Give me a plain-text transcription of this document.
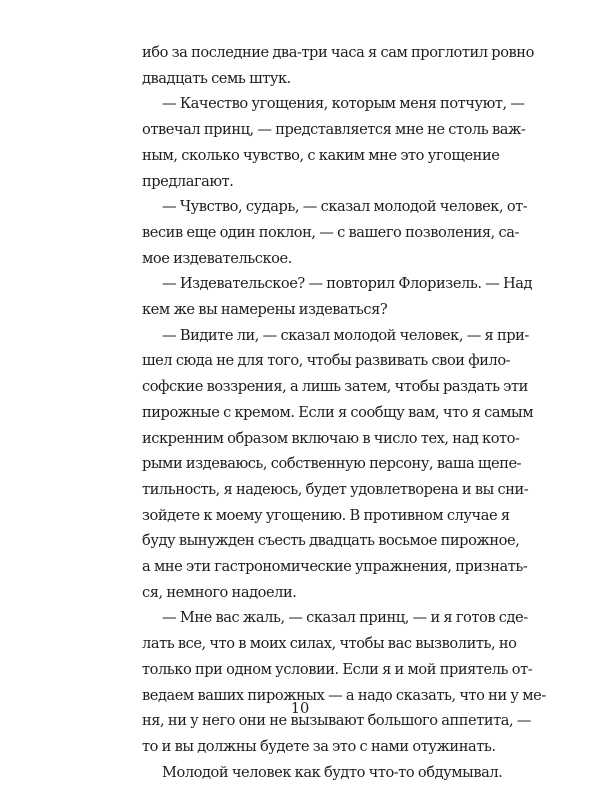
ибо за последние два-три часа я сам проглотил ровно
двадцать семь штук.
— Качество угощения, которым меня потчуют, —
отвечал принц, — представляется мне не столь важ-
ным, сколько чувство, с каким мне это угощение
предлагают.
— Чувство, сударь, — сказал молодой человек, от-
весив еще один поклон, — с вашего позволения, са-
мое издевательское.
— Издевательское? — повторил Флоризель. — Над
кем же вы намерены издеваться?
— Видите ли, — сказал молодой человек, — я при-
шел сюда не для того, чтобы развивать свои фило-
софские воззрения, а лишь затем, чтобы раздать эти
пирожные с кремом. Если я сообщу вам, что я самым
искренним образом включаю в число тех, над кото-
рыми издеваюсь, собственную персону, ваша щепе-
тильность, я надеюсь, будет удовлетворена и вы сни-
зойдете к моему угощению. В противном случае я
буду вынужден съесть двадцать восьмое пирожное,
а мне эти гастрономические упражнения, признать-
ся, немного надоели.
— Мне вас жаль, — сказал принц, — и я готов сде-
лать все, что в моих силах, чтобы вас вызволить, но
только при одном условии. Если я и мой приятель от-
ведаем ваших пирожных — а надо сказать, что ни у ме-
ня, ни у него они не вызывают большого аппетита, —
то и вы должны будете за это с нами отужинать.
Молодой человек как будто что-то обдумывал.
10
